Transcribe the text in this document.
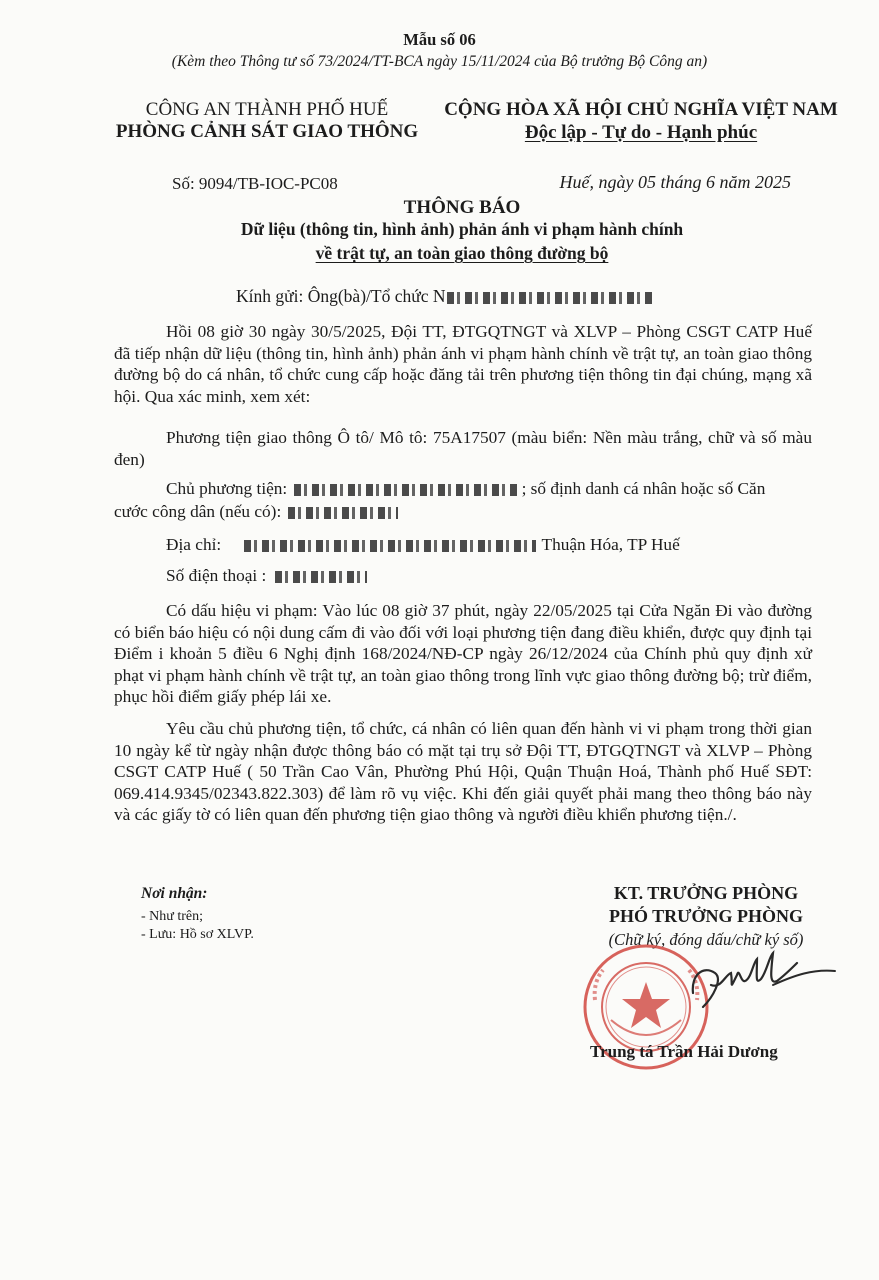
Mẫu số 06
(Kèm theo Thông tư số 73/2024/TT-BCA ngày 15/11/2024 của Bộ trưởng Bộ Công an)
CÔNG AN THÀNH PHỐ HUẾ
PHÒNG CẢNH SÁT GIAO THÔNG
CỘNG HÒA XÃ HỘI CHỦ NGHĨA VIỆT NAM
Độc lập - Tự do - Hạnh phúc
Số: 9094/TB-IOC-PC08	Huế, ngày 05 tháng 6 năm 2025
THÔNG BÁO
Dữ liệu (thông tin, hình ảnh) phản ánh vi phạm hành chính
về trật tự, an toàn giao thông đường bộ
Kính gửi: Ông(bà)/Tổ chức N
Hồi 08 giờ 30 ngày 30/5/2025, Đội TT, ĐTGQTNGT và XLVP – Phòng CSGT CATP Huế đã tiếp nhận dữ liệu (thông tin, hình ảnh) phản ánh vi phạm hành chính về trật tự, an toàn giao thông đường bộ do cá nhân, tổ chức cung cấp hoặc đăng tải trên phương tiện thông tin đại chúng, mạng xã hội. Qua xác minh, xem xét:
Phương tiện giao thông Ô tô/ Mô tô: 75A17507 (màu biển: Nền màu trắng, chữ và số màu đen)
Chủ phương tiện:	; số định danh cá nhân hoặc số Căn
cước công dân (nếu có):
Địa chỉ:	Thuận Hóa, TP Huế
Số điện thoại :
Có dấu hiệu vi phạm: Vào lúc 08 giờ 37 phút, ngày 22/05/2025 tại Cửa Ngăn Đi vào đường có biển báo hiệu có nội dung cấm đi vào đối với loại phương tiện đang điều khiển, được quy định tại Điểm i khoản 5 điều 6 Nghị định 168/2024/NĐ-CP ngày 26/12/2024 của Chính phủ quy định xử phạt vi phạm hành chính về trật tự, an toàn giao thông trong lĩnh vực giao thông đường bộ; trừ điểm, phục hồi điểm giấy phép lái xe.
Yêu cầu chủ phương tiện, tổ chức, cá nhân có liên quan đến hành vi vi phạm trong thời gian 10 ngày kể từ ngày nhận được thông báo có mặt tại trụ sở Đội TT, ĐTGQTNGT và XLVP – Phòng CSGT CATP Huế ( 50 Trần Cao Vân, Phường Phú Hội, Quận Thuận Hoá, Thành phố Huế SĐT: 069.414.9345/02343.822.303) để làm rõ vụ việc. Khi đến giải quyết phải mang theo thông báo này và các giấy tờ có liên quan đến phương tiện giao thông và người điều khiển phương tiện./.
Nơi nhận:
- Như trên;
- Lưu: Hồ sơ XLVP.
KT. TRƯỞNG PHÒNG
PHÓ TRƯỞNG PHÒNG
(Chữ ký, đóng dấu/chữ ký số)
Trung tá Trần Hải Dương
